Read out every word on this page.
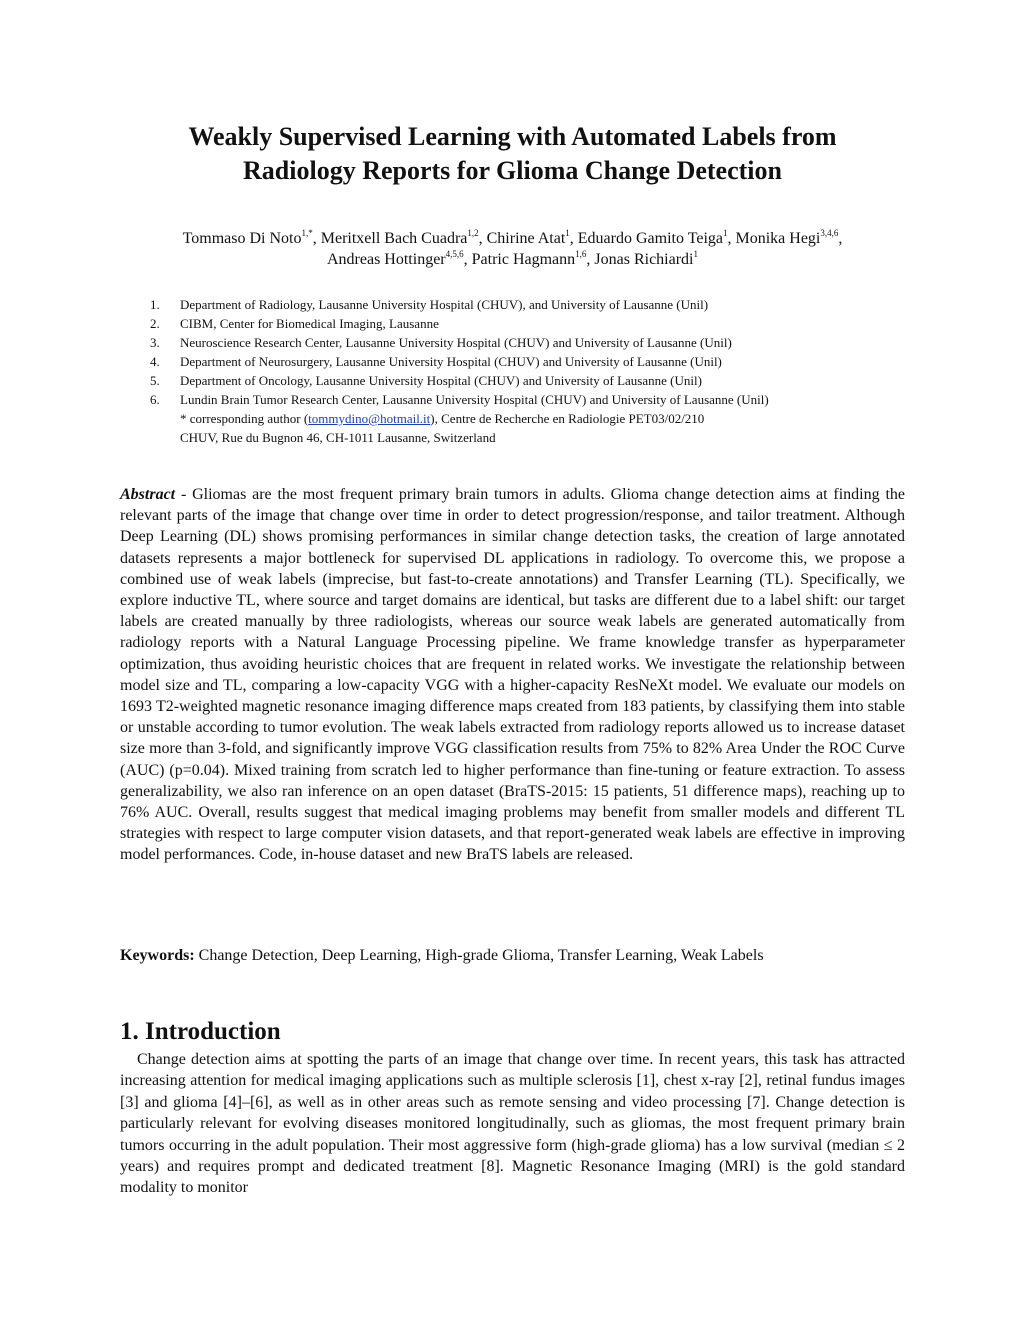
Weakly Supervised Learning with Automated Labels from
Radiology Reports for Glioma Change Detection
Tommaso Di Noto$^{1,*}$, Meritxell Bach Cuadra$^{1,2}$, Chirine Atat$^1$, Eduardo Gamito Teiga$^1$, Monika Hegi$^{3,4,6}$,
Andreas Hottinger$^{4,5,6}$, Patric Hagmann$^{1,6}$, Jonas Richiardi$^1$
1. Department of Radiology, Lausanne University Hospital (CHUV), and University of Lausanne (Unil)
2. CIBM, Center for Biomedical Imaging, Lausanne
3. Neuroscience Research Center, Lausanne University Hospital (CHUV) and University of Lausanne (Unil)
4. Department of Neurosurgery, Lausanne University Hospital (CHUV) and University of Lausanne (Unil)
5. Department of Oncology, Lausanne University Hospital (CHUV) and University of Lausanne (Unil)
6. Lundin Brain Tumor Research Center, Lausanne University Hospital (CHUV) and University of Lausanne (Unil)
* corresponding author (tommydino@hotmail.it), Centre de Recherche en Radiologie PET03/02/210
CHUV, Rue du Bugnon 46, CH-1011 Lausanne, Switzerland

Abstract - Gliomas are the most frequent primary brain tumors in adults. Glioma change detection aims at finding the relevant parts of the image that change over time in order to detect progression/response, and tailor treatment. Although Deep Learning (DL) shows promising performances in similar change detection tasks, the creation of large annotated datasets represents a major bottleneck for supervised DL applications in radiology. To overcome this, we propose a combined use of weak labels (imprecise, but fast-to-create annotations) and Transfer Learning (TL). Specifically, we explore inductive TL, where source and target domains are identical, but tasks are different due to a label shift: our target labels are created manually by three radiologists, whereas our source weak labels are generated automatically from radiology reports with a Natural Language Processing pipeline. We frame knowledge transfer as hyperparameter optimization, thus avoiding heuristic choices that are frequent in related works. We investigate the relationship between model size and TL, comparing a low-capacity VGG with a higher-capacity ResNeXt model. We evaluate our models on 1693 T2-weighted magnetic resonance imaging difference maps created from 183 patients, by classifying them into stable or unstable according to tumor evolution. The weak labels extracted from radiology reports allowed us to increase dataset size more than 3-fold, and significantly improve VGG classification results from 75% to 82% Area Under the ROC Curve (AUC) (p=0.04). Mixed training from scratch led to higher performance than fine-tuning or feature extraction. To assess generalizability, we also ran inference on an open dataset (BraTS-2015: 15 patients, 51 difference maps), reaching up to 76% AUC. Overall, results suggest that medical imaging problems may benefit from smaller models and different TL strategies with respect to large computer vision datasets, and that report-generated weak labels are effective in improving model performances. Code, in-house dataset and new BraTS labels are released.

Keywords: Change Detection, Deep Learning, High-grade Glioma, Transfer Learning, Weak Labels

1. Introduction

Change detection aims at spotting the parts of an image that change over time. In recent years, this task has attracted increasing attention for medical imaging applications such as multiple sclerosis [1], chest x-ray [2], retinal fundus images [3] and glioma [4]–[6], as well as in other areas such as remote sensing and video processing [7]. Change detection is particularly relevant for evolving diseases monitored longitudinally, such as gliomas, the most frequent primary brain tumors occurring in the adult population. Their most aggressive form (high-grade glioma) has a low survival (median ≤ 2 years) and requires prompt and dedicated treatment [8]. Magnetic Resonance Imaging (MRI) is the gold standard modality to monitor
